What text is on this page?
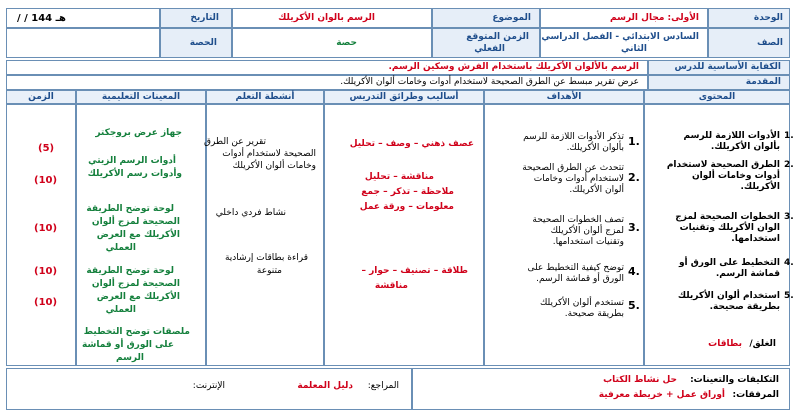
الوحدة
الأولى: مجال الرسم
الموضوع
الرسم بالوان الأكريلك
التاريخ
/ / 144 هـ
الصف
السادس الابتدائي - الفصل الدراسي
الثاني
الزمن المتوقع
الفعلي
حصة
الحصة
الكفاية الأساسية للدرس
الرسم بالألوان الأكريلك باستخدام الفرش وسكين الرسم.
المقدمة
عرض تقرير مبسط عن الطرق الصحيحة لاستخدام أدوات وخامات ألوان الأكريلك.
المحتوى
الأهداف
أساليب وطرائق التدريس
أنشطة التعلم
المعينات التعليمية
الزمن
1.
الأدوات اللازمة للرسم
بألوان الأكريلك.
2.
الطرق الصحيحة لاستخدام
أدوات وخامات ألوان
الأكريلك.
3.
الخطوات الصحيحة لمزج
الوان الأكريلك وتقنيات
استخدامها.
4.
التخطيط على الورق أو
قماشة الرسم.
5.
استخدام ألوان الأكريلك
بطريقة صحيحة.
الغلق/
بطاقات
1.
تذكر الأدوات اللازمة للرسم
بألوان الأكريلك.
2.
تتحدث عن الطرق الصحيحة
لاستخدام أدوات وخامات
ألوان الأكريلك.
3.
تصف الخطوات الصحيحة
لمزج ألوان الأكريلك
وتقنيات استخدامها.
4.
توضح كيفية التخطيط على
الورق أو قماشة الرسم.
5.
تستخدم ألوان الأكريلك
بطريقة صحيحة.
عصف ذهني – وصف – تحليل
مناقشة – تحليل
ملاحظة – تذكر – جمع
معلومات – ورقة عمل
طلاقة – تصنيف – حوار –
مناقشة
تقرير عن الطرق
الصحيحة لاستخدام أدوات
وخامات ألوان الأكريلك
نشاط فردي داخلي
قراءة بطاقات إرشادية
متنوعة
جهاز عرض بروجكتر
أدوات الرسم الزيتي
وأدوات رسم الأكريلك
لوحة توضح الطريقة
الصحيحة لمزج ألوان
الأكريلك مع العرض
العملي
لوحة توضح الطريقة
الصحيحة لمزج ألوان
الأكريلك مع العرض
العملي
ملصقات توضح التخطيط
على الورق أو قماشة
الرسم
(5)
(10)
(10)
(10)
(10)
التكليفات والتعينات:
حل نشاط الكتاب
المرفقات:
أوراق عمل + خريطة معرفية
المراجع:
دليل المعلمة
الإنترنت:
